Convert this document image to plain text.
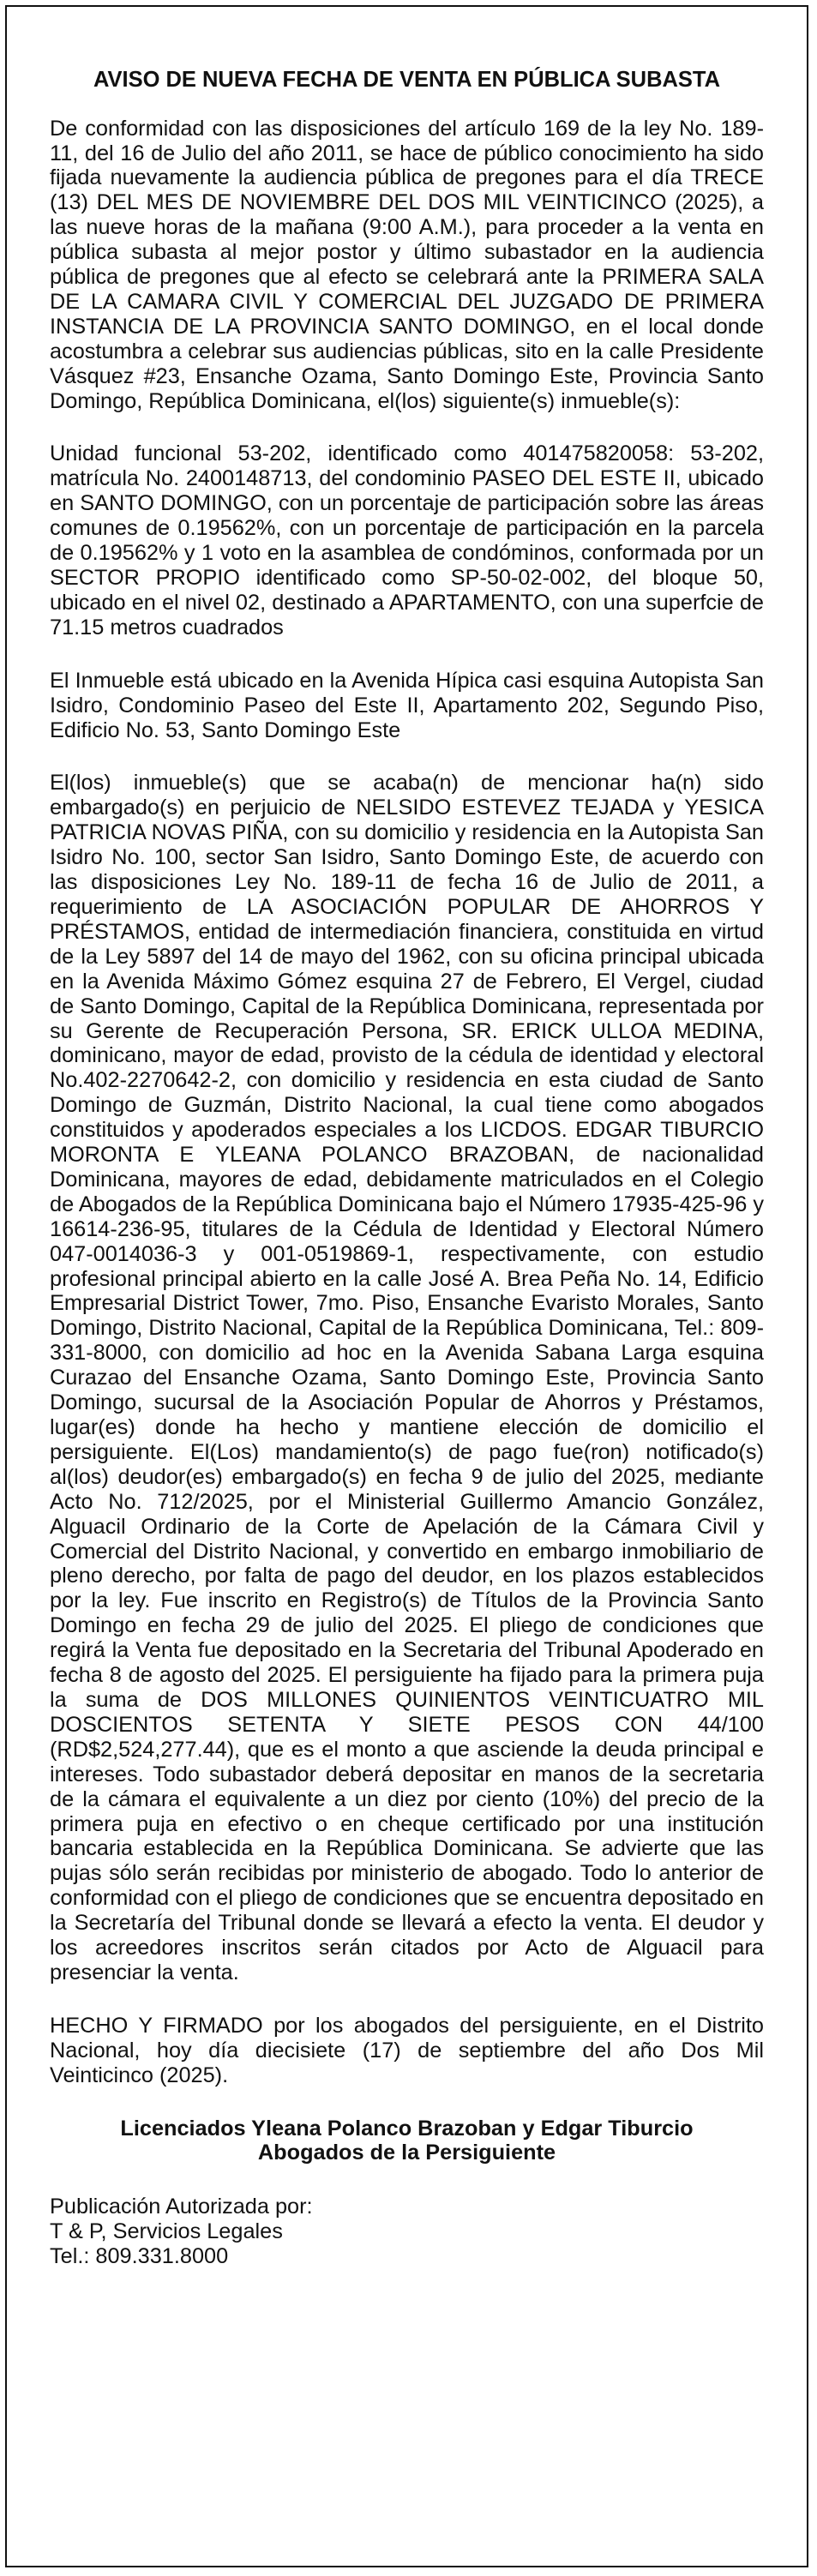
AVISO DE NUEVA FECHA DE VENTA EN PÚBLICA SUBASTA

De conformidad con las disposiciones del artículo 169 de la ley No. 189-11, del 16 de Julio del año 2011, se hace de público conocimiento ha sido fijada nuevamente la audiencia pública de pregones para el día TRECE (13) DEL MES DE NOVIEMBRE DEL DOS MIL VEINTICINCO (2025), a las nueve horas de la mañana (9:00 A.M.), para proceder a la venta en pública subasta al mejor postor y último subastador en la audiencia pública de pregones que al efecto se celebrará ante la PRIMERA SALA DE LA CAMARA CIVIL Y COMERCIAL DEL JUZGADO DE PRIMERA INSTANCIA DE LA PROVINCIA SANTO DOMINGO, en el local donde acostumbra a celebrar sus audiencias públicas, sito en la calle Presidente Vásquez #23, Ensanche Ozama, Santo Domingo Este, Provincia Santo Domingo, República Dominicana, el(los) siguiente(s) inmueble(s):

Unidad funcional 53-202, identificado como 401475820058: 53-202, matrícula No. 2400148713, del condominio PASEO DEL ESTE II, ubicado en SANTO DOMINGO, con un porcentaje de participación sobre las áreas comunes de 0.19562%, con un porcentaje de participación en la parcela de 0.19562% y 1 voto en la asamblea de condóminos, conformada por un SECTOR PROPIO identificado como SP-50-02-002, del bloque 50, ubicado en el nivel 02, destinado a APARTAMENTO, con una superfcie de 71.15 metros cuadrados

El Inmueble está ubicado en la Avenida Hípica casi esquina Autopista San Isidro, Condominio Paseo del Este II, Apartamento 202, Segundo Piso, Edificio No. 53, Santo Domingo Este

El(los) inmueble(s) que se acaba(n) de mencionar ha(n) sido embargado(s) en perjuicio de NELSIDO ESTEVEZ TEJADA y YESICA PATRICIA NOVAS PIÑA, con su domicilio y residencia en la Autopista San Isidro No. 100, sector San Isidro, Santo Domingo Este, de acuerdo con las disposiciones Ley No. 189-11 de fecha 16 de Julio de 2011, a requerimiento de LA ASOCIACIÓN POPULAR DE AHORROS Y PRÉSTAMOS, entidad de intermediación financiera, constituida en virtud de la Ley 5897 del 14 de mayo del 1962, con su oficina principal ubicada en la Avenida Máximo Gómez esquina 27 de Febrero, El Vergel, ciudad de Santo Domingo, Capital de la República Dominicana, representada por su Gerente de Recuperación Persona, SR. ERICK ULLOA MEDINA, dominicano, mayor de edad, provisto de la cédula de identidad y electoral No.402-2270642-2, con domicilio y residencia en esta ciudad de Santo Domingo de Guzmán, Distrito Nacional, la cual tiene como abogados constituidos y apoderados especiales a los LICDOS. EDGAR TIBURCIO MORONTA E YLEANA POLANCO BRAZOBAN, de nacionalidad Dominicana, mayores de edad, debidamente matriculados en el Colegio de Abogados de la República Dominicana bajo el Número 17935-425-96 y 16614-236-95, titulares de la Cédula de Identidad y Electoral Número 047-0014036-3 y 001-0519869-1, respectivamente, con estudio profesional principal abierto en la calle José A. Brea Peña No. 14, Edificio Empresarial District Tower, 7mo. Piso, Ensanche Evaristo Morales, Santo Domingo, Distrito Nacional, Capital de la República Dominicana, Tel.: 809-331-8000, con domicilio ad hoc en la Avenida Sabana Larga esquina Curazao del Ensanche Ozama, Santo Domingo Este, Provincia Santo Domingo, sucursal de la Asociación Popular de Ahorros y Préstamos, lugar(es) donde ha hecho y mantiene elección de domicilio el persiguiente. El(Los) mandamiento(s) de pago fue(ron) notificado(s) al(los) deudor(es) embargado(s) en fecha 9 de julio del 2025, mediante Acto No. 712/2025, por el Ministerial Guillermo Amancio González, Alguacil Ordinario de la Corte de Apelación de la Cámara Civil y Comercial del Distrito Nacional, y convertido en embargo inmobiliario de pleno derecho, por falta de pago del deudor, en los plazos establecidos por la ley. Fue inscrito en Registro(s) de Títulos de la Provincia Santo Domingo en fecha 29 de julio del 2025. El pliego de condiciones que regirá la Venta fue depositado en la Secretaria del Tribunal Apoderado en fecha 8 de agosto del 2025. El persiguiente ha fijado para la primera puja la suma de DOS MILLONES QUINIENTOS VEINTICUATRO MIL DOSCIENTOS SETENTA Y SIETE PESOS CON 44/100 (RD$2,524,277.44), que es el monto a que asciende la deuda principal e intereses. Todo subastador deberá depositar en manos de la secretaria de la cámara el equivalente a un diez por ciento (10%) del precio de la primera puja en efectivo o en cheque certificado por una institución bancaria establecida en la República Dominicana. Se advierte que las pujas sólo serán recibidas por ministerio de abogado. Todo lo anterior de conformidad con el pliego de condiciones que se encuentra depositado en la Secretaría del Tribunal donde se llevará a efecto la venta. El deudor y los acreedores inscritos serán citados por Acto de Alguacil para presenciar la venta.

HECHO Y FIRMADO por los abogados del persiguiente, en el Distrito Nacional, hoy día diecisiete (17) de septiembre del año Dos Mil Veinticinco (2025).

Licenciados Yleana Polanco Brazoban y Edgar Tiburcio
Abogados de la Persiguiente
Publicación Autorizada por:
T & P, Servicios Legales
Tel.: 809.331.8000
